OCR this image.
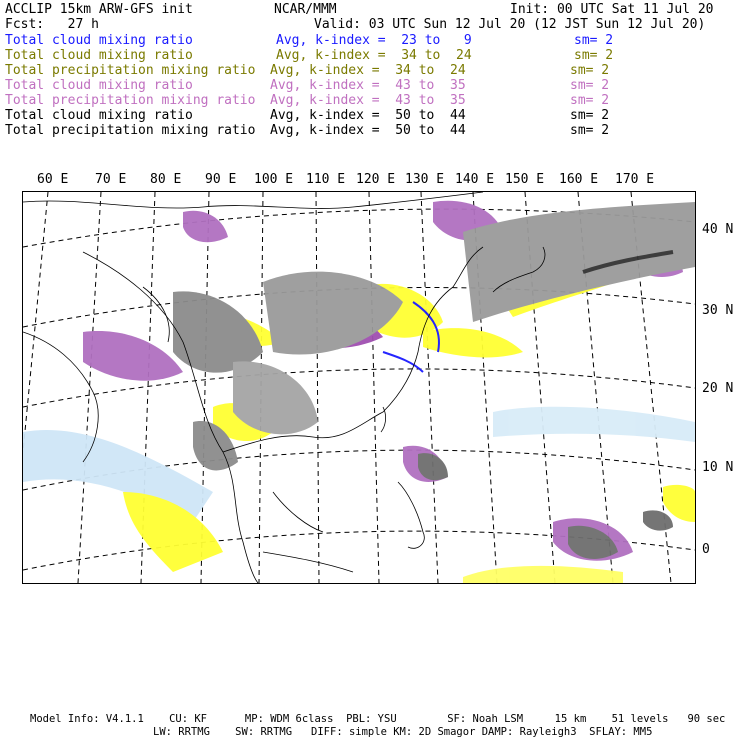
ACCLIP 15km ARW-GFS init	NCAR/MMM	Init: 00 UTC Sat 11 Jul 20
Fcst:   27 h	Valid: 03 UTC Sun 12 Jul 20 (12 JST Sun 12 Jul 20)
Total cloud mixing ratio	Avg, k-index =  23 to   9	sm= 2
Total cloud mixing ratio	Avg, k-index =  34 to  24	sm= 2
Total precipitation mixing ratio Avg, k-index =  34 to  24	sm= 2
Total cloud mixing ratio	Avg, k-index =  43 to  35	sm= 2
Total precipitation mixing ratio Avg, k-index =  43 to  35	sm= 2
Total cloud mixing ratio	Avg, k-index =  50 to  44	sm= 2
Total precipitation mixing ratio Avg, k-index =  50 to  44	sm= 2
60 E 70 E 80 E 90 E 100 E 110 E 120 E 130 E 140 E 150 E 160 E 170 E
40 N
30 N
20 N
10 N
0
Model Info: V4.1.1    CU: KF      MP: WDM 6class  PBL: YSU        SF: Noah LSM     15 km    51 levels   90 sec
LW: RRTMG    SW: RRTMG   DIFF: simple KM: 2D Smagor DAMP: Rayleigh3  SFLAY: MM5
